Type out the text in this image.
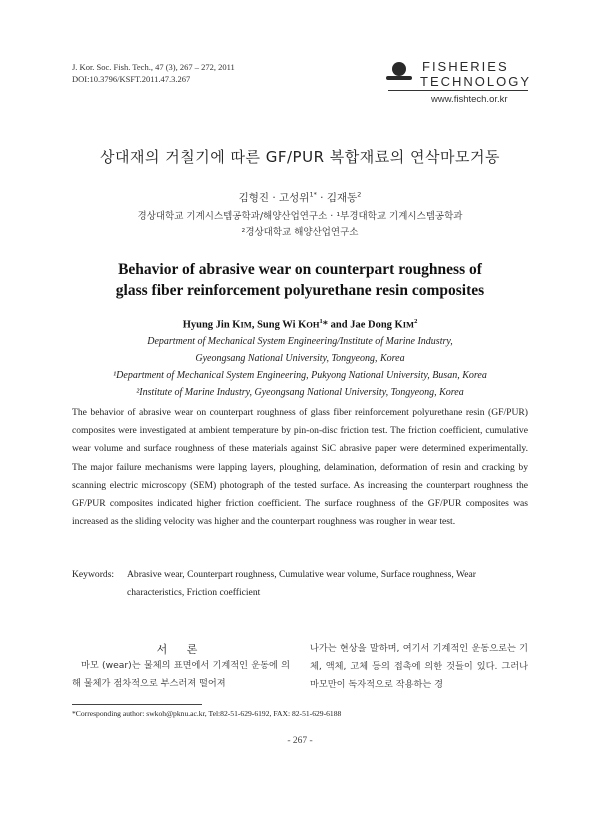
J. Kor. Soc. Fish. Tech., 47 (3), 267 – 272, 2011
DOI:10.3796/KSFT.2011.47.3.267
FISHERIES
TECHNOLOGY
www.fishtech.or.kr
상대재의 거칠기에 따른 GF/PUR 복합재료의 연삭마모거동
김형진 · 고성위$^{1*}$ · 김재동$^2$
경상대학교 기계시스템공학과/해양산업연구소 · ¹부경대학교 기계시스템공학과
²경상대학교 해양산업연구소
Behavior of abrasive wear on counterpart roughness of
glass fiber reinforcement polyurethane resin composites
Hyung Jin KIM, Sung Wi KOH$^1$* and Jae Dong KIM$^2$
Department of Mechanical System Engineering/Institute of Marine Industry,
Gyeongsang National University, Tongyeong, Korea
¹Department of Mechanical System Engineering, Pukyong National University, Busan, Korea
²Institute of Marine Industry, Gyeongsang National University, Tongyeong, Korea
The behavior of abrasive wear on counterpart roughness of glass fiber reinforcement polyurethane resin (GF/PUR) composites were investigated at ambient temperature by pin-on-disc friction test. The friction coefficient, cumulative wear volume and surface roughness of these materials against SiC abrasive paper were determined experimentally. The major failure mechanisms were lapping layers, ploughing, delamination, deformation of resin and cracking by scanning electric microscopy (SEM) photograph of the tested surface. As increasing the counterpart roughness the GF/PUR composites indicated higher friction coefficient. The surface roughness of the GF/PUR composites was increased as the sliding velocity was higher and the counterpart roughness was rougher in wear test.
Keywords: Abrasive wear, Counterpart roughness, Cumulative wear volume, Surface roughness, Wear characteristics, Friction coefficient
서 론
마모 (wear)는 물체의 표면에서 기계적인 운동에 의해 물체가 점차적으로 부스러져 떨어져
나가는 현상을 말하며, 여기서 기계적인 운동으로는 기체, 액체, 고체 등의 접촉에 의한 것들이 있다. 그러나 마모만이 독자적으로 작용하는 경
*Corresponding author: swkoh@pknu.ac.kr, Tel:82-51-629-6192, FAX: 82-51-629-6188
- 267 -
